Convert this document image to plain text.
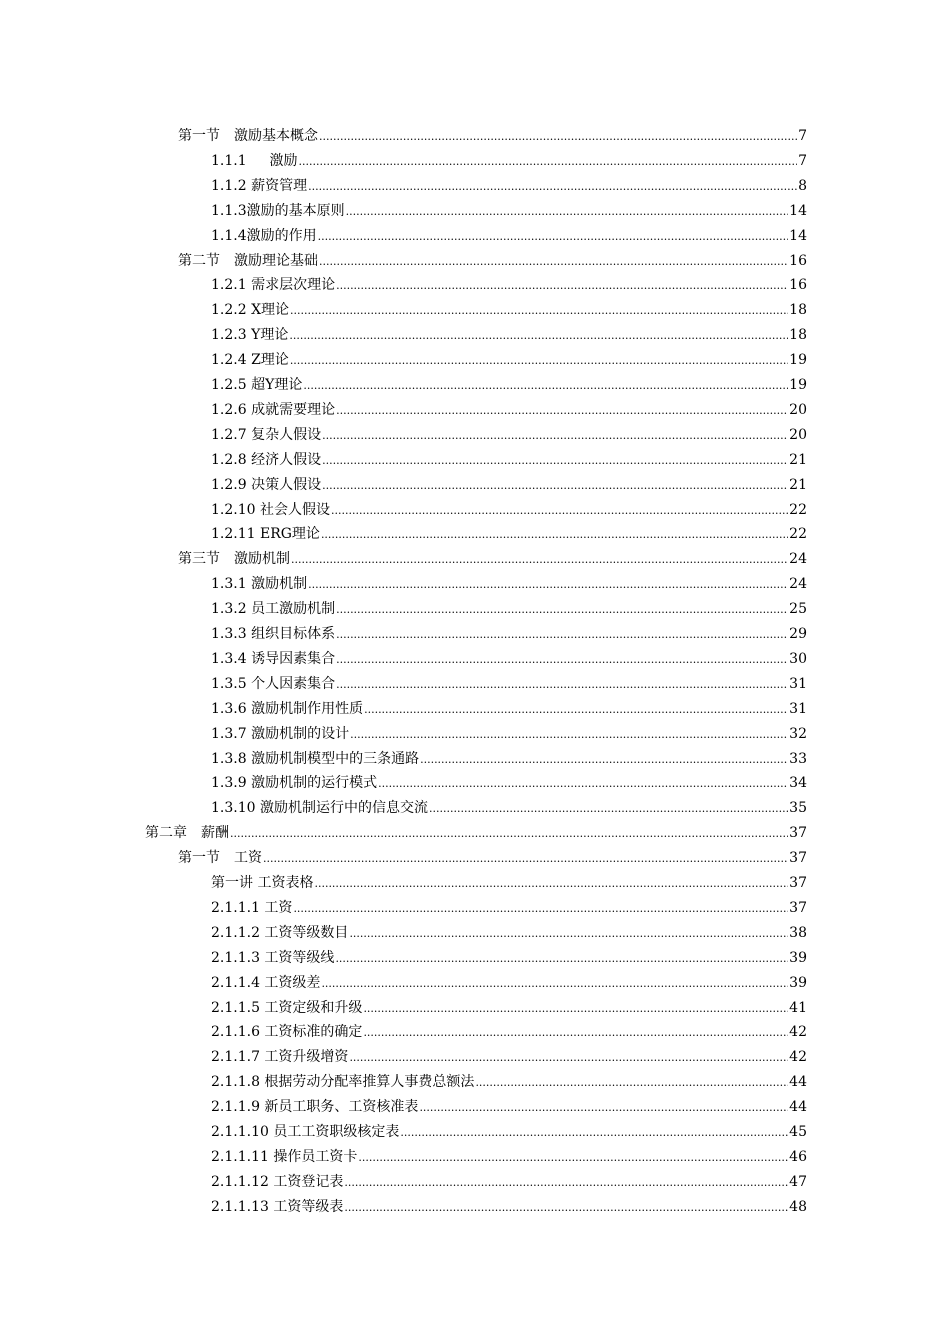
第一节　激励基本概念 .....	7
1.1.1　  激励 .....	7
1.1.2 薪资管理 .....	8
1.1.3激励的基本原则 .....	14
1.1.4激励的作用 .....	14
第二节　激励理论基础 .....	16
1.2.1 需求层次理论 .....	16
1.2.2 X理论 .....	18
1.2.3 Y理论 .....	18
1.2.4 Z理论 .....	19
1.2.5 超Y理论 .....	19
1.2.6 成就需要理论 .....	20
1.2.7 复杂人假设 .....	20
1.2.8 经济人假设 .....	21
1.2.9 决策人假设 .....	21
1.2.10 社会人假设 .....	22
1.2.11 ERG理论 .....	22
第三节　激励机制 .....	24
1.3.1 激励机制 .....	24
1.3.2 员工激励机制 .....	25
1.3.3 组织目标体系 .....	29
1.3.4 诱导因素集合 .....	30
1.3.5 个人因素集合 .....	31
1.3.6 激励机制作用性质 .....	31
1.3.7 激励机制的设计 .....	32
1.3.8 激励机制模型中的三条通路 .....	33
1.3.9 激励机制的运行模式 .....	34
1.3.10 激励机制运行中的信息交流 .....	35
第二章　薪酬 .....	37
第一节　工资 .....	37
第一讲 工资表格 .....	37
2.1.1.1 工资 .....	37
2.1.1.2 工资等级数目 .....	38
2.1.1.3 工资等级线 .....	39
2.1.1.4 工资级差 .....	39
2.1.1.5 工资定级和升级 .....	41
2.1.1.6 工资标准的确定 .....	42
2.1.1.7 工资升级增资 .....	42
2.1.1.8 根据劳动分配率推算人事费总额法 .....	44
2.1.1.9 新员工职务、工资核准表 .....	44
2.1.1.10 员工工资职级核定表 .....	45
2.1.1.11 操作员工资卡 .....	46
2.1.1.12 工资登记表 .....	47
2.1.1.13 工资等级表 .....	48
